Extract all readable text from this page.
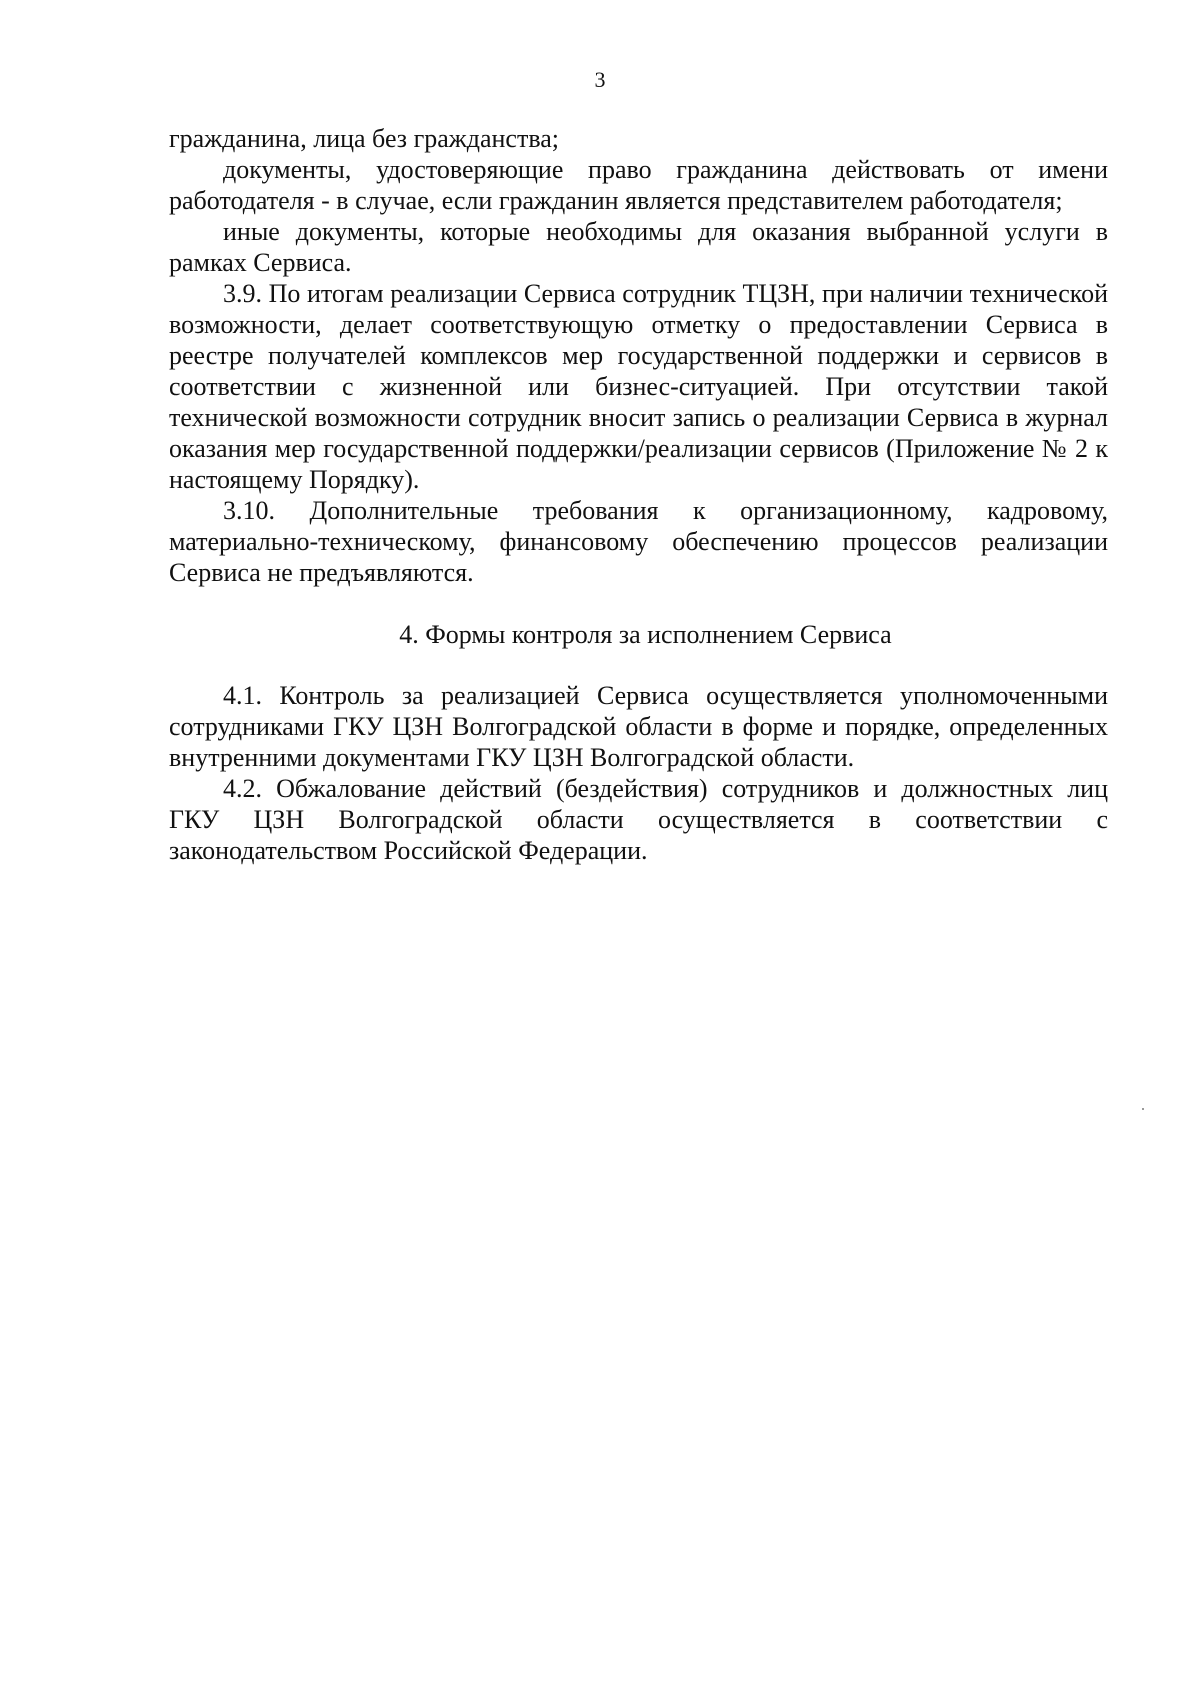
3

гражданина, лица без гражданства;

документы, удостоверяющие право гражданина действовать от имени работодателя - в случае, если гражданин является представителем работодателя;

иные документы, которые необходимы для оказания выбранной услуги в рамках Сервиса.

3.9. По итогам реализации Сервиса сотрудник ТЦЗН, при наличии технической возможности, делает соответствующую отметку о предоставлении Сервиса в реестре получателей комплексов мер государственной поддержки и сервисов в соответствии с жизненной или бизнес-ситуацией. При отсутствии такой технической возможности сотрудник вносит запись о реализации Сервиса в журнал оказания мер государственной поддержки/реализации сервисов (Приложение № 2 к настоящему Порядку).

3.10. Дополнительные требования к организационному, кадровому, материально-техническому, финансовому обеспечению процессов реализации Сервиса не предъявляются.

4. Формы контроля за исполнением Сервиса

4.1. Контроль за реализацией Сервиса осуществляется уполномоченными сотрудниками ГКУ ЦЗН Волгоградской области в форме и порядке, определенных внутренними документами ГКУ ЦЗН Волгоградской области.

4.2. Обжалование действий (бездействия) сотрудников и должностных лиц ГКУ ЦЗН Волгоградской области осуществляется в соответствии с законодательством Российской Федерации.
